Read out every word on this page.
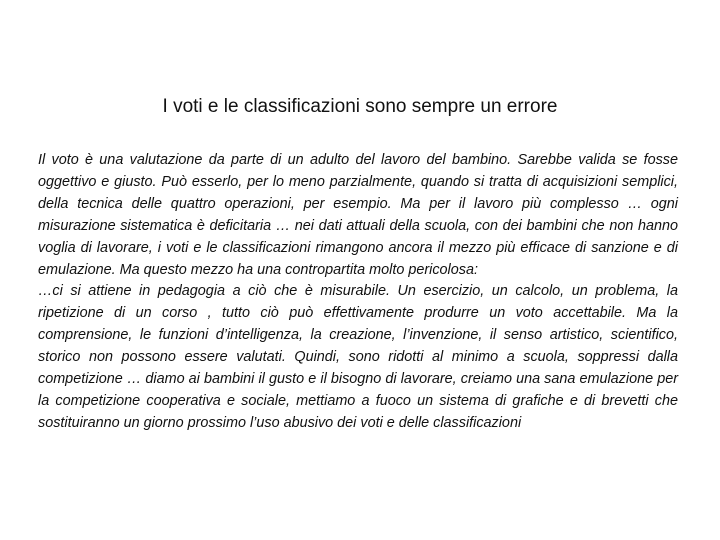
I voti e le classificazioni sono sempre un errore

Il voto è una valutazione da parte di un adulto del lavoro del bambino. Sarebbe valida se fosse oggettivo e giusto. Può esserlo, per lo meno parzialmente, quando si tratta di acquisizioni semplici, della tecnica delle quattro operazioni, per esempio. Ma per il lavoro più complesso … ogni misurazione sistematica è deficitaria … nei dati attuali della scuola, con dei bambini che non hanno voglia di lavorare, i voti e le classificazioni rimangono ancora il mezzo più efficace di sanzione e di emulazione. Ma questo mezzo ha una contropartita molto pericolosa:

…ci si attiene in pedagogia a ciò che è misurabile. Un esercizio, un calcolo, un problema, la ripetizione di un corso , tutto ciò può effettivamente produrre un voto accettabile. Ma la comprensione, le funzioni d’intelligenza, la creazione, l’invenzione, il senso artistico, scientifico, storico non possono essere valutati. Quindi, sono ridotti al minimo a scuola, soppressi dalla competizione … diamo ai bambini il gusto e il bisogno di lavorare, creiamo una sana emulazione per la competizione cooperativa e sociale, mettiamo a fuoco un sistema di grafiche e di brevetti che sostituiranno un giorno prossimo l’uso abusivo dei voti e delle classificazioni
